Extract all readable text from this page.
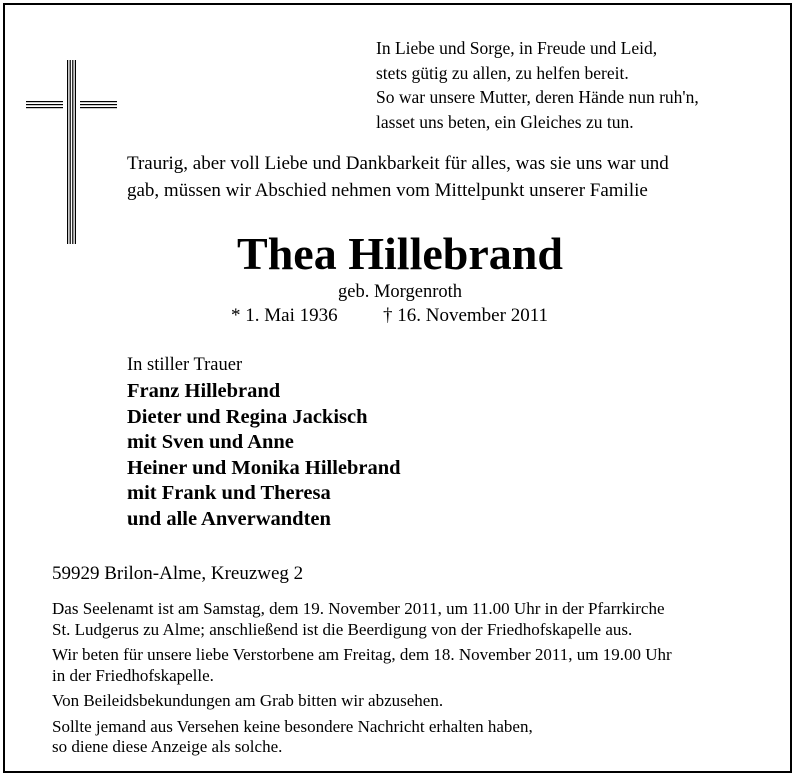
In Liebe und Sorge, in Freude und Leid,
stets gütig zu allen, zu helfen bereit.
So war unsere Mutter, deren Hände nun ruh'n,
lasset uns beten, ein Gleiches zu tun.
Traurig, aber voll Liebe und Dankbarkeit für alles, was sie uns war und
gab, müssen wir Abschied nehmen vom Mittelpunkt unserer Familie
Thea Hillebrand
geb. Morgenroth
* 1. Mai 1936 † 16. November 2011
In stiller Trauer
Franz Hillebrand
Dieter und Regina Jackisch
mit Sven und Anne
Heiner und Monika Hillebrand
mit Frank und Theresa
und alle Anverwandten
59929 Brilon-Alme, Kreuzweg 2
Das Seelenamt ist am Samstag, dem 19. November 2011, um 11.00 Uhr in der Pfarrkirche
St. Ludgerus zu Alme; anschließend ist die Beerdigung von der Friedhofskapelle aus.
Wir beten für unsere liebe Verstorbene am Freitag, dem 18. November 2011, um 19.00 Uhr
in der Friedhofskapelle.
Von Beileidsbekundungen am Grab bitten wir abzusehen.
Sollte jemand aus Versehen keine besondere Nachricht erhalten haben,
so diene diese Anzeige als solche.
